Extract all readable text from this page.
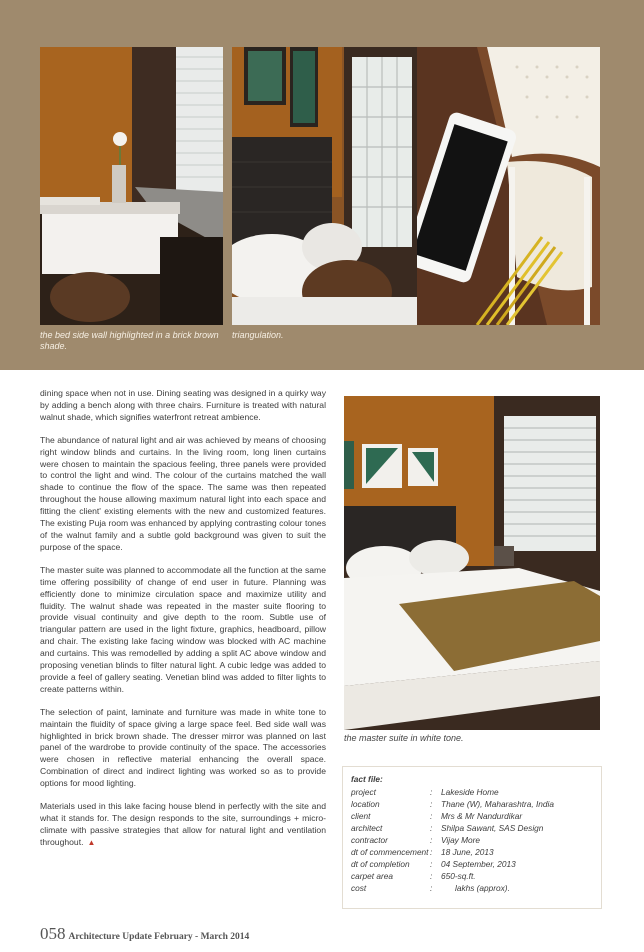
the bed side wall highlighted in a brick brown shade.
triangulation.

dining space when not in use. Dining seating was designed in a quirky way by adding a bench along with three chairs. Furniture is treated with natural walnut shade, which signifies waterfront retreat ambience.

The abundance of natural light and air was achieved by means of choosing right window blinds and curtains. In the living room, long linen curtains were chosen to maintain the spacious feeling, three panels were provided to control the light and wind. The colour of the curtains matched the wall shade to continue the flow of the space. The same was then repeated throughout the house allowing maximum natural light into each space and fitting the client' existing elements with the new and customized features. The existing Puja room was enhanced by applying contrasting colour tones of the walnut family and a subtle gold background was given to suit the purpose of the space.

The master suite was planned to accommodate all the function at the same time offering possibility of change of end user in future. Planning was efficiently done to minimize circulation space and maximize utility and fluidity. The walnut shade was repeated in the master suite flooring to provide visual continuity and give depth to the room. Subtle use of triangular pattern are used in the light fixture, graphics, headboard, pillow and chair. The existing lake facing window was blocked with AC machine and curtains. This was remodelled by adding a split AC above window and proposing venetian blinds to filter natural light. A cubic ledge was added to provide a feel of gallery seating. Venetian blind was added to filter lights to create patterns within.

The selection of paint, laminate and furniture was made in white tone to maintain the fluidity of space giving a large space feel. Bed side wall was highlighted in brick brown shade. The dresser mirror was planned on last panel of the wardrobe to provide continuity of the space. The accessories were chosen in reflective material enhancing the overall space. Combination of direct and indirect lighting was worked so as to provide options for mood lighting.

Materials used in this lake facing house blend in perfectly with the site and what it stands for. The design responds to the site, surroundings + micro-climate with passive strategies that allow for natural light and ventilation throughout. ▲

the master suite in white tone.
fact file:
project	: Lakeside Home
location	: Thane (W), Maharashtra, India
client	: Mrs & Mr Nandurdikar
architect	: Shilpa Sawant, SAS Design
contractor	: Vijay More
dt of commencement : 18 June, 2013
dt of completion : 04 September, 2013
carpet area	: 650-sq.ft.
cost	:	lakhs (approx).
058 Architecture Update February - March 2014
